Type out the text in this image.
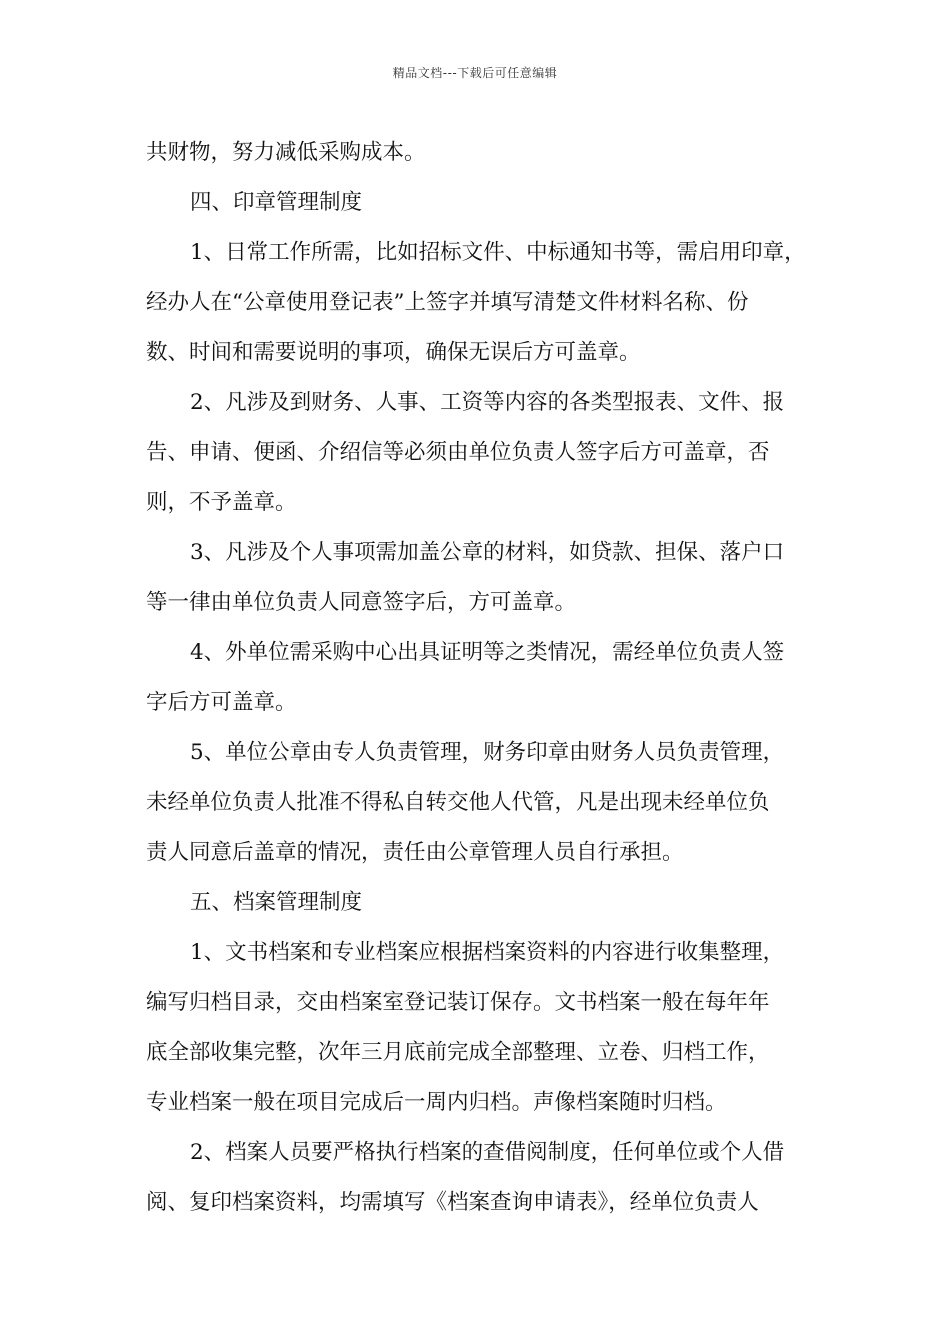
精品文档---下载后可任意编辑
共财物，努力减低采购成本。
四、印章管理制度
1、日常工作所需，比如招标文件、中标通知书等，需启用印章，
经办人在“公章使用登记表”上签字并填写清楚文件材料名称、份
数、时间和需要说明的事项，确保无误后方可盖章。
2、凡涉及到财务、人事、工资等内容的各类型报表、文件、报
告、申请、便函、介绍信等必须由单位负责人签字后方可盖章，否
则，不予盖章。
3、凡涉及个人事项需加盖公章的材料，如贷款、担保、落户口
等一律由单位负责人同意签字后，方可盖章。
4、外单位需采购中心出具证明等之类情况，需经单位负责人签
字后方可盖章。
5、单位公章由专人负责管理，财务印章由财务人员负责管理，
未经单位负责人批准不得私自转交他人代管，凡是出现未经单位负
责人同意后盖章的情况，责任由公章管理人员自行承担。
五、档案管理制度
1、文书档案和专业档案应根据档案资料的内容进行收集整理，
编写归档目录，交由档案室登记装订保存。文书档案一般在每年年
底全部收集完整，次年三月底前完成全部整理、立卷、归档工作，
专业档案一般在项目完成后一周内归档。声像档案随时归档。
2、档案人员要严格执行档案的查借阅制度，任何单位或个人借
阅、复印档案资料，均需填写《档案查询申请表》，经单位负责人
